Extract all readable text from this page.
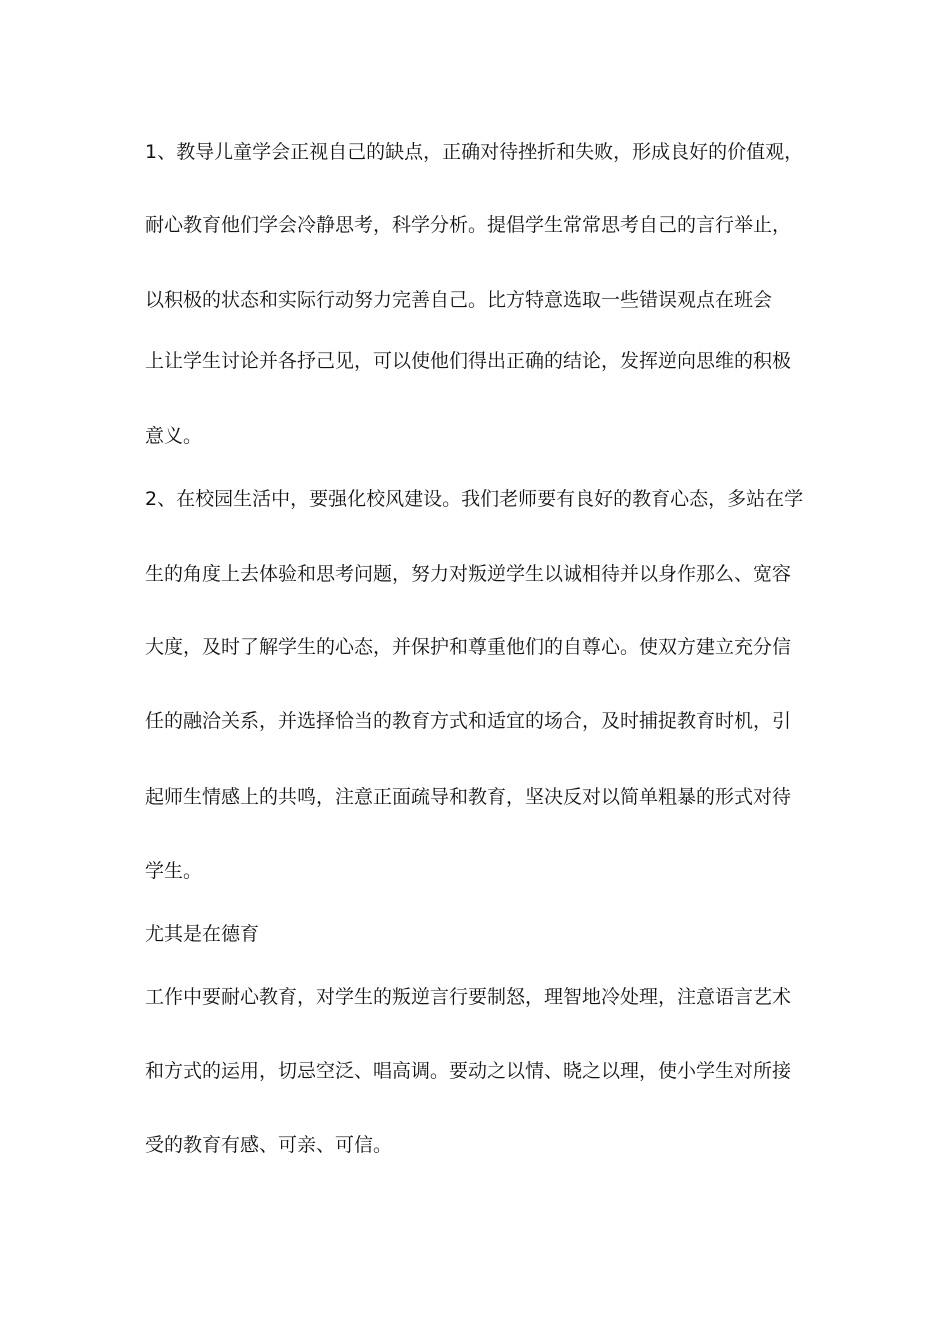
1、教导儿童学会正视自己的缺点，正确对待挫折和失败，形成良好的价值观，
耐心教育他们学会冷静思考，科学分析。提倡学生常常思考自己的言行举止，
以积极的状态和实际行动努力完善自己。比方特意选取一些错误观点在班会
上让学生讨论并各抒己见，可以使他们得出正确的结论，发挥逆向思维的积极
意义。
2、在校园生活中，要强化校风建设。我们老师要有良好的教育心态，多站在学
生的角度上去体验和思考问题，努力对叛逆学生以诚相待并以身作那么、宽容
大度，及时了解学生的心态，并保护和尊重他们的自尊心。使双方建立充分信
任的融洽关系，并选择恰当的教育方式和适宜的场合，及时捕捉教育时机，引
起师生情感上的共鸣，注意正面疏导和教育，坚决反对以简单粗暴的形式对待
学生。
尤其是在德育
工作中要耐心教育，对学生的叛逆言行要制怒，理智地冷处理，注意语言艺术
和方式的运用，切忌空泛、唱高调。要动之以情、晓之以理，使小学生对所接
受的教育有感、可亲、可信。
